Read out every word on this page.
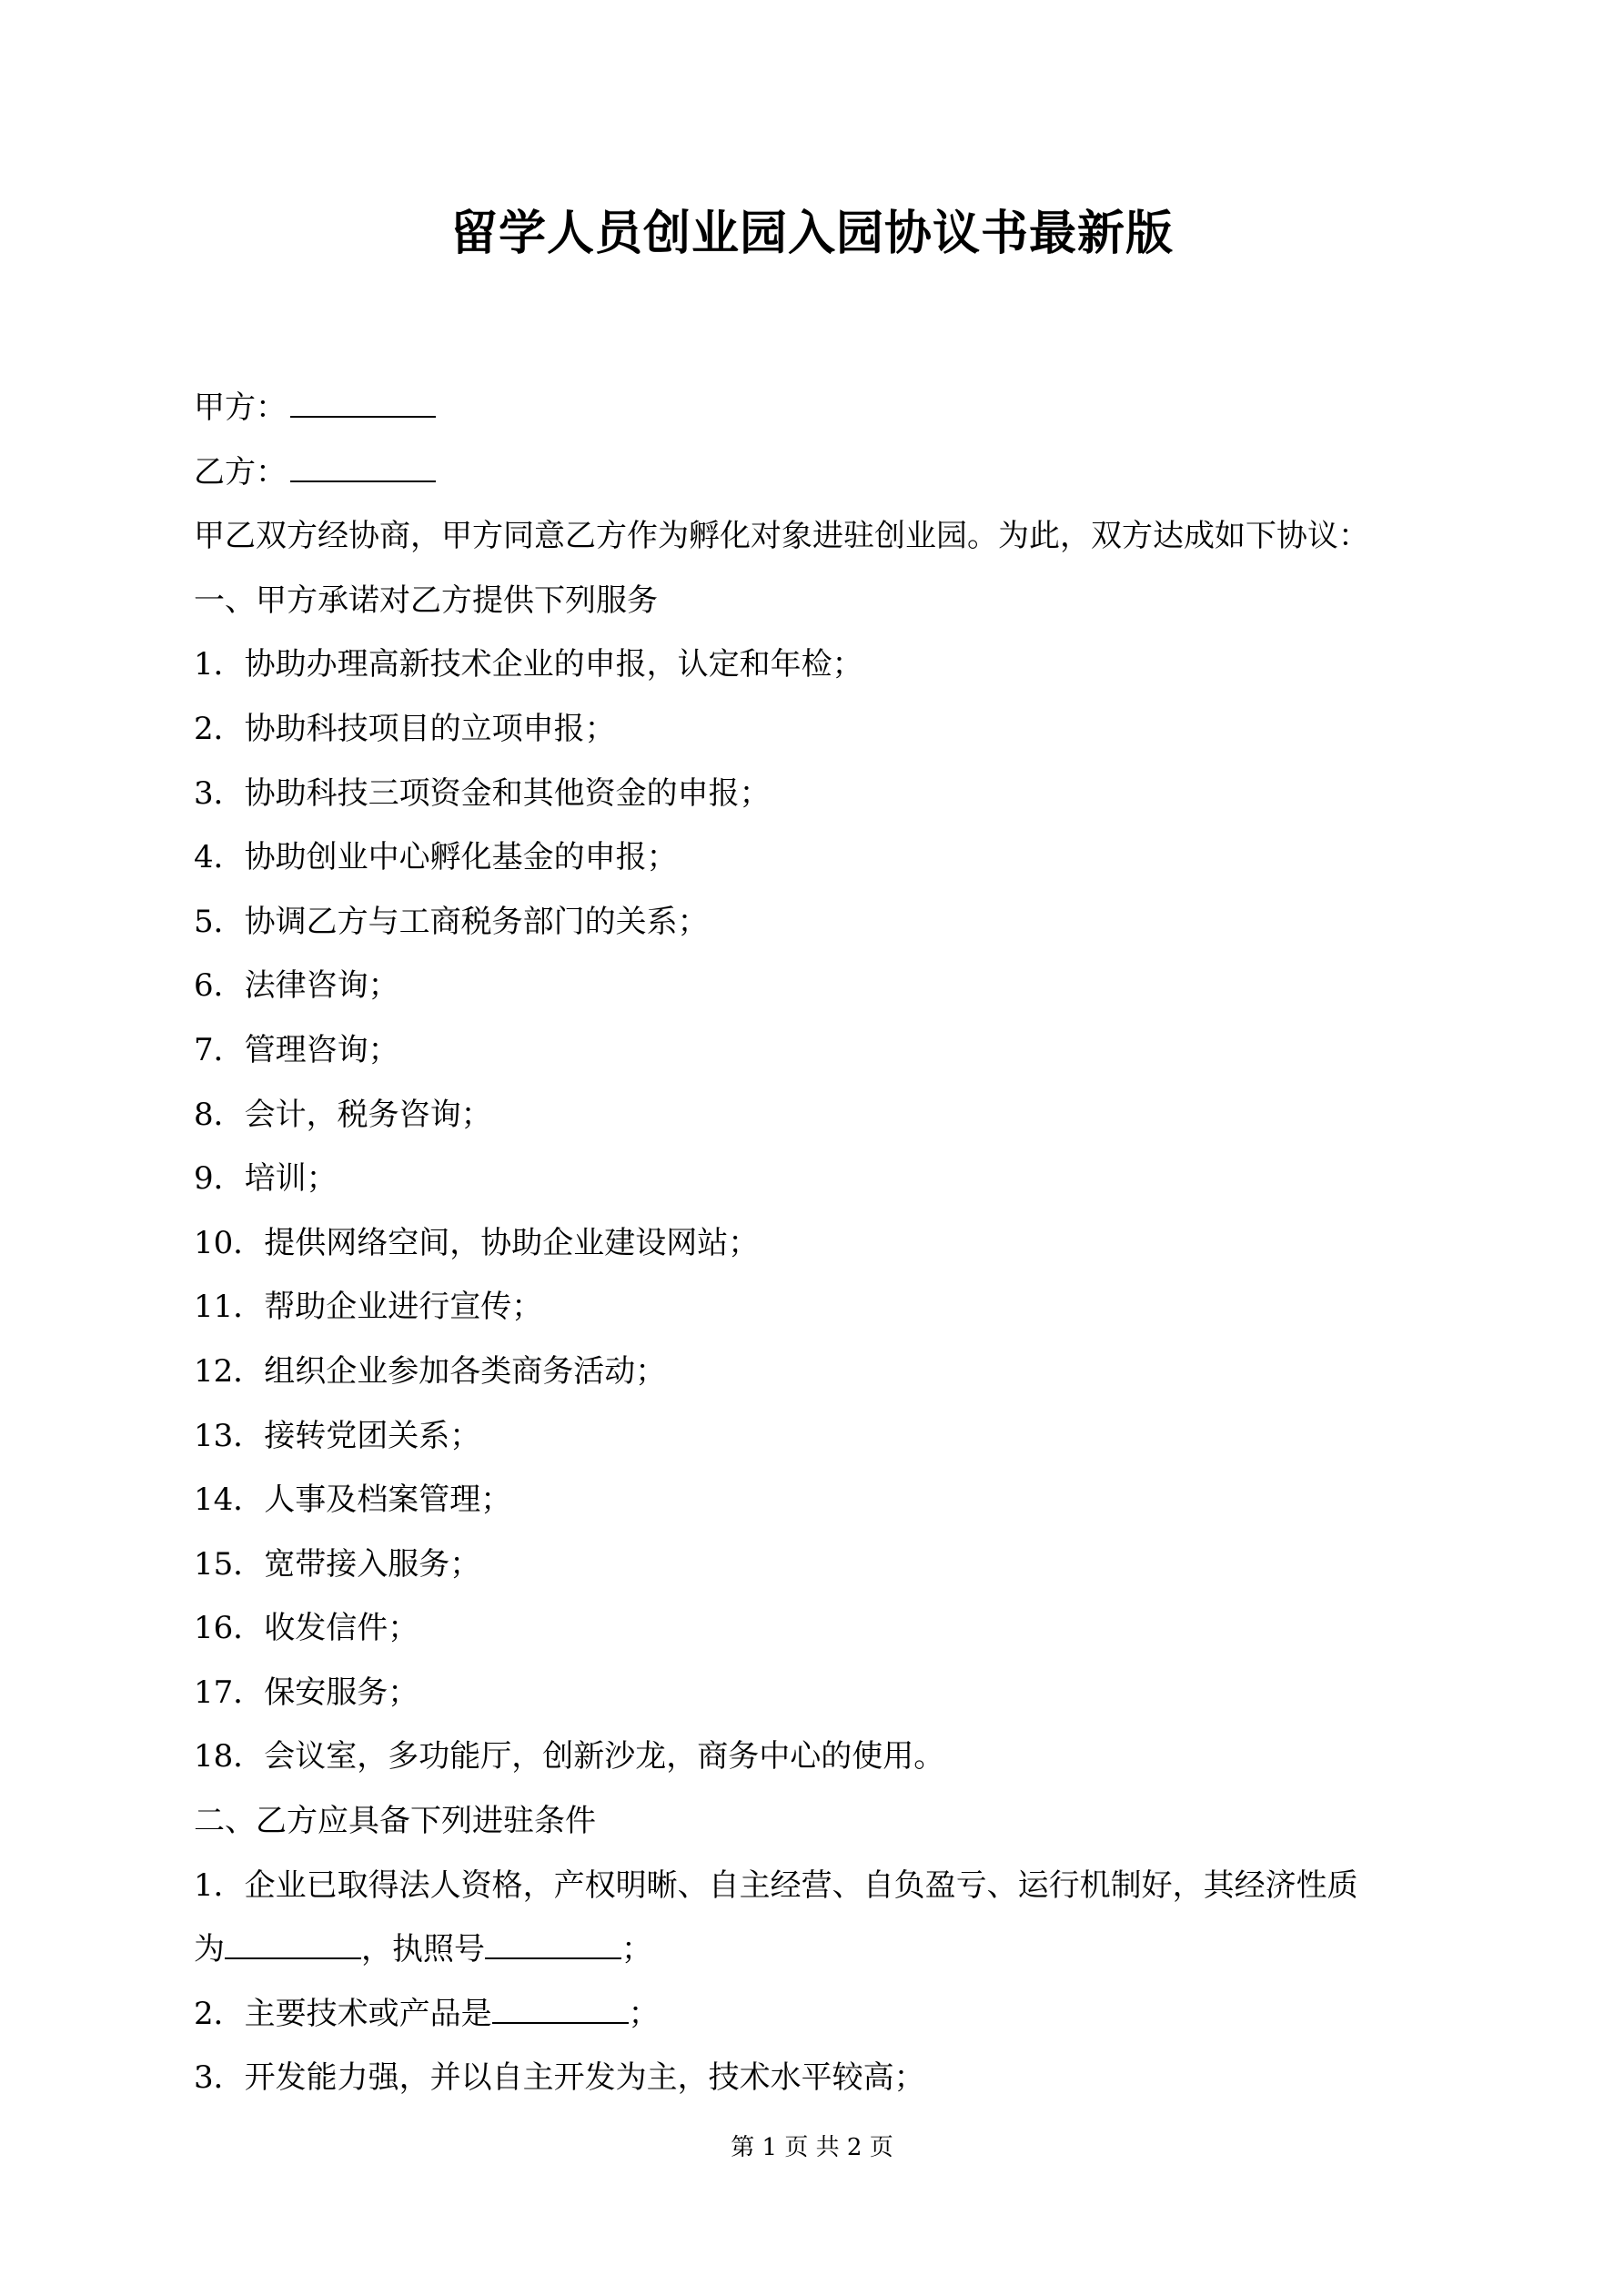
留学人员创业园入园协议书最新版
甲方：
乙方：
甲乙双方经协商，甲方同意乙方作为孵化对象进驻创业园。为此，双方达成如下协议：
一、甲方承诺对乙方提供下列服务
1．协助办理高新技术企业的申报，认定和年检；
2．协助科技项目的立项申报；
3．协助科技三项资金和其他资金的申报；
4．协助创业中心孵化基金的申报；
5．协调乙方与工商税务部门的关系；
6．法律咨询；
7．管理咨询；
8．会计，税务咨询；
9．培训；
10．提供网络空间，协助企业建设网站；
11．帮助企业进行宣传；
12．组织企业参加各类商务活动；
13．接转党团关系；
14．人事及档案管理；
15．宽带接入服务；
16．收发信件；
17．保安服务；
18．会议室，多功能厅，创新沙龙，商务中心的使用。
二、乙方应具备下列进驻条件
1．企业已取得法人资格，产权明晰、自主经营、自负盈亏、运行机制好，其经济性质
为	，执照号	；
2．主要技术或产品是	；
3．开发能力强，并以自主开发为主，技术水平较高；
第 1 页 共 2 页
